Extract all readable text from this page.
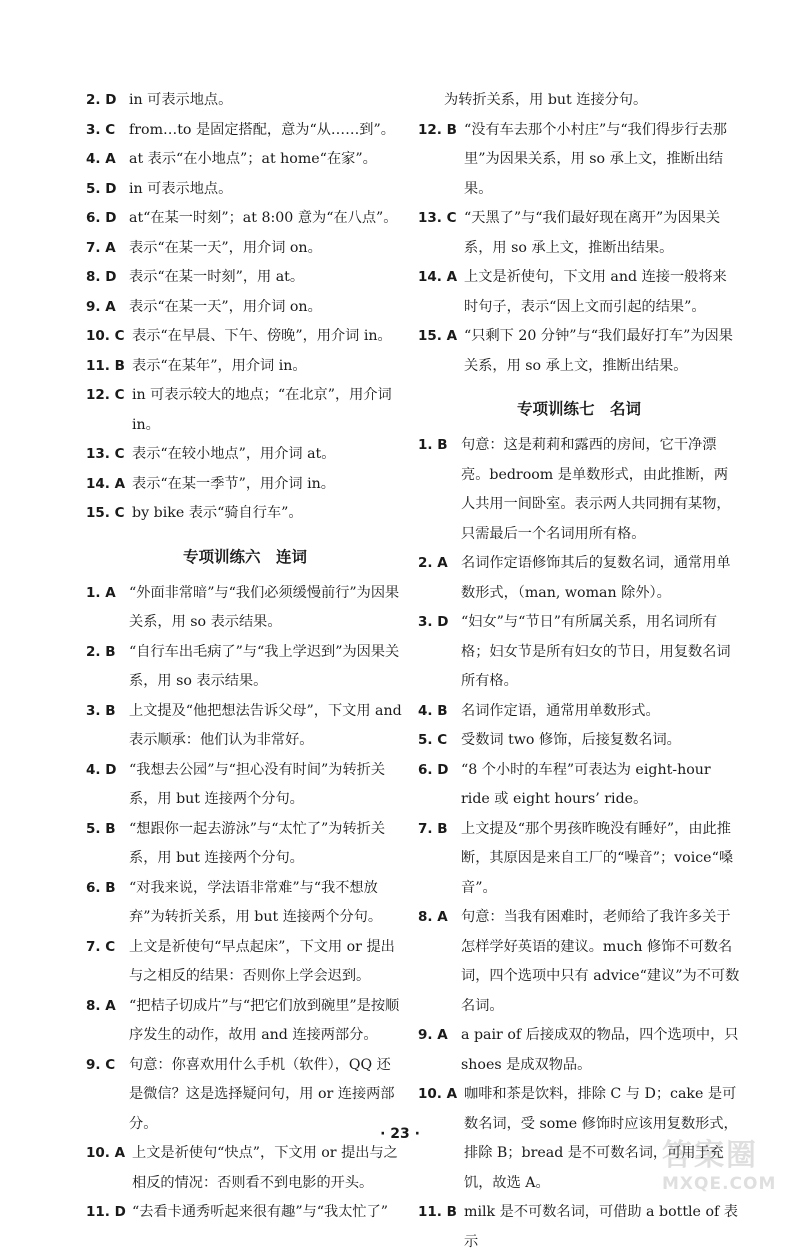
2. D in 可表示地点。
3. C from…to 是固定搭配，意为“从……到”。
4. A at 表示“在小地点”；at home“在家”。
5. D in 可表示地点。
6. D at“在某一时刻”；at 8:00 意为“在八点”。
7. A 表示“在某一天”，用介词 on。
8. D 表示“在某一时刻”，用 at。
9. A 表示“在某一天”，用介词 on。
10. C 表示“在早晨、下午、傍晚”，用介词 in。
11. B 表示“在某年”，用介词 in。
12. C in 可表示较大的地点；“在北京”，用介词 in。
13. C 表示“在较小地点”，用介词 at。
14. A 表示“在某一季节”，用介词 in。
15. C by bike 表示“骑自行车”。
专项训练六　连词
1. A “外面非常暗”与“我们必须缓慢前行”为因果关系，用 so 表示结果。
2. B “自行车出毛病了”与“我上学迟到”为因果关系，用 so 表示结果。
3. B 上文提及“他把想法告诉父母”，下文用 and 表示顺承：他们认为非常好。
4. D “我想去公园”与“担心没有时间”为转折关系，用 but 连接两个分句。
5. B “想跟你一起去游泳”与“太忙了”为转折关系，用 but 连接两个分句。
6. B “对我来说，学法语非常难”与“我不想放弃”为转折关系，用 but 连接两个分句。
7. C 上文是祈使句“早点起床”，下文用 or 提出与之相反的结果：否则你上学会迟到。
8. A “把桔子切成片”与“把它们放到碗里”是按顺序发生的动作，故用 and 连接两部分。
9. C 句意：你喜欢用什么手机（软件），QQ 还是微信？这是选择疑问句，用 or 连接两部分。
10. A 上文是祈使句“快点”，下文用 or 提出与之相反的情况：否则看不到电影的开头。
11. D “去看卡通秀听起来很有趣”与“我太忙了”
为转折关系，用 but 连接分句。
12. B “没有车去那个小村庄”与“我们得步行去那里”为因果关系，用 so 承上文，推断出结果。
13. C “天黑了”与“我们最好现在离开”为因果关系，用 so 承上文，推断出结果。
14. A 上文是祈使句，下文用 and 连接一般将来时句子，表示“因上文而引起的结果”。
15. A “只剩下 20 分钟”与“我们最好打车”为因果关系，用 so 承上文，推断出结果。
专项训练七　名词
1. B 句意：这是莉莉和露西的房间，它干净漂亮。bedroom 是单数形式，由此推断，两人共用一间卧室。表示两人共同拥有某物，只需最后一个名词用所有格。
2. A 名词作定语修饰其后的复数名词，通常用单数形式，（man, woman 除外）。
3. D “妇女”与“节日”有所属关系，用名词所有格；妇女节是所有妇女的节日，用复数名词所有格。
4. B 名词作定语，通常用单数形式。
5. C 受数词 two 修饰，后接复数名词。
6. D “8 个小时的车程”可表达为 eight-hour ride 或 eight hours’ ride。
7. B 上文提及“那个男孩昨晚没有睡好”，由此推断，其原因是来自工厂的“噪音”；voice“嗓音”。
8. A 句意：当我有困难时，老师给了我许多关于怎样学好英语的建议。much 修饰不可数名词，四个选项中只有 advice“建议”为不可数名词。
9. A a pair of 后接成双的物品，四个选项中，只 shoes 是成双物品。
10. A 咖啡和茶是饮料，排除 C 与 D；cake 是可数名词，受 some 修饰时应该用复数形式，排除 B；bread 是不可数名词，可用于充饥，故选 A。
11. B milk 是不可数名词，可借助 a bottle of 表示
· 23 ·
答案圈
MXQE.COM
